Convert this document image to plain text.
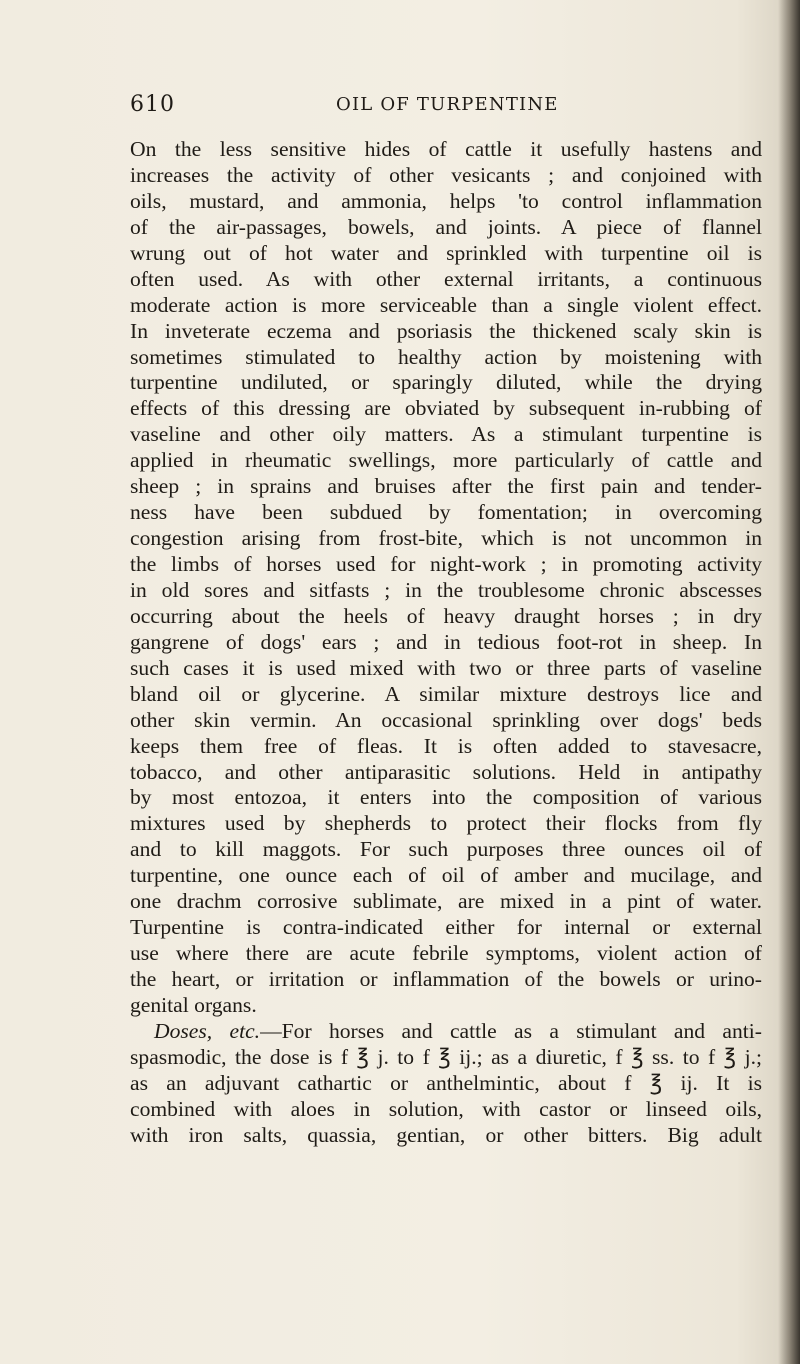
610	OIL OF TURPENTINE
On the less sensitive hides of cattle it usefully hastens and
increases the activity of other vesicants ; and conjoined with
oils, mustard, and ammonia, helps 'to control inflammation
of the air-passages, bowels, and joints. A piece of flannel
wrung out of hot water and sprinkled with turpentine oil is
often used. As with other external irritants, a continuous
moderate action is more serviceable than a single violent effect.
In inveterate eczema and psoriasis the thickened scaly skin is
sometimes stimulated to healthy action by moistening with
turpentine undiluted, or sparingly diluted, while the drying
effects of this dressing are obviated by subsequent in-rubbing of
vaseline and other oily matters. As a stimulant turpentine is
applied in rheumatic swellings, more particularly of cattle and
sheep ; in sprains and bruises after the first pain and tender-
ness have been subdued by fomentation; in overcoming
congestion arising from frost-bite, which is not uncommon in
the limbs of horses used for night-work ; in promoting activity
in old sores and sitfasts ; in the troublesome chronic abscesses
occurring about the heels of heavy draught horses ; in dry
gangrene of dogs' ears ; and in tedious foot-rot in sheep. In
such cases it is used mixed with two or three parts of vaseline
bland oil or glycerine. A similar mixture destroys lice and
other skin vermin. An occasional sprinkling over dogs' beds
keeps them free of fleas. It is often added to stavesacre,
tobacco, and other antiparasitic solutions. Held in antipathy
by most entozoa, it enters into the composition of various
mixtures used by shepherds to protect their flocks from fly
and to kill maggots. For such purposes three ounces oil of
turpentine, one ounce each of oil of amber and mucilage, and
one drachm corrosive sublimate, are mixed in a pint of water.
Turpentine is contra-indicated either for internal or external
use where there are acute febrile symptoms, violent action of
the heart, or irritation or inflammation of the bowels or urino-
genital organs.
Doses, etc.—For horses and cattle as a stimulant and anti-
spasmodic, the dose is f ℥ j. to f ℥ ij.; as a diuretic, f ℥ ss. to f ℥ j.;
as an adjuvant cathartic or anthelmintic, about f ℥ ij. It is
combined with aloes in solution, with castor or linseed oils,
with iron salts, quassia, gentian, or other bitters. Big adult
